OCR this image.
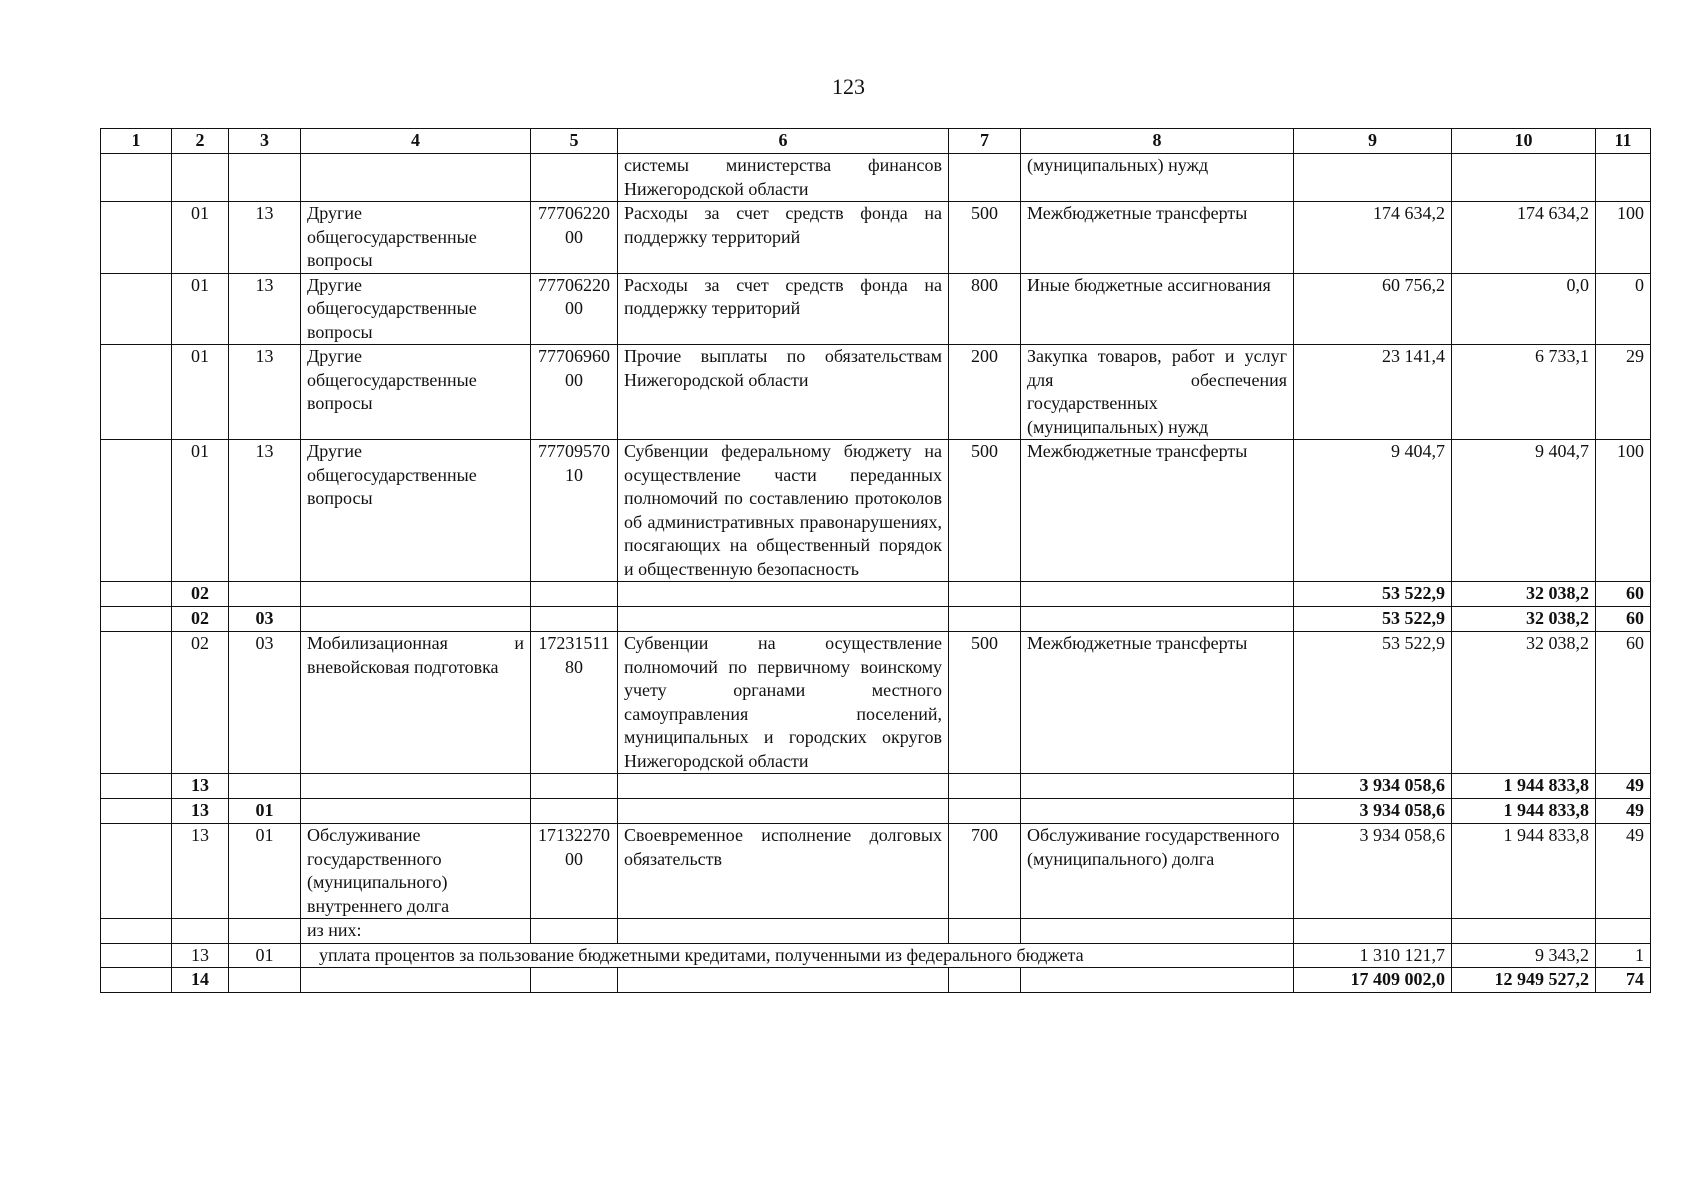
123
1	2	3	4	5	6	7	8	9	10	11
					системы министерства финансов Нижегородской области		(муниципальных) нужд			
	01	13	Другие общегосударственные вопросы	7770622000	Расходы за счет средств фонда на поддержку территорий	500	Межбюджетные трансферты	174 634,2	174 634,2	100
	01	13	Другие общегосударственные вопросы	7770622000	Расходы за счет средств фонда на поддержку территорий	800	Иные бюджетные ассигнования	60 756,2	0,0	0
	01	13	Другие общегосударственные вопросы	7770696000	Прочие выплаты по обязательствам Нижегородской области	200	Закупка товаров, работ и услуг для обеспечения государственных (муниципальных) нужд	23 141,4	6 733,1	29
	01	13	Другие общегосударственные вопросы	7770957010	Субвенции федеральному бюджету на осуществление части переданных полномочий по составлению протоколов об административных правонарушениях, посягающих на общественный порядок и общественную безопасность	500	Межбюджетные трансферты	9 404,7	9 404,7	100
	02							53 522,9	32 038,2	60
	02	03						53 522,9	32 038,2	60
	02	03	Мобилизационная и вневойсковая подготовка	1723151180	Субвенции на осуществление полномочий по первичному воинскому учету органами местного самоуправления поселений, муниципальных и городских округов Нижегородской области	500	Межбюджетные трансферты	53 522,9	32 038,2	60
	13							3 934 058,6	1 944 833,8	49
	13	01						3 934 058,6	1 944 833,8	49
	13	01	Обслуживание государственного (муниципального) внутреннего долга	1713227000	Своевременное исполнение долговых обязательств	700	Обслуживание государственного (муниципального) долга	3 934 058,6	1 944 833,8	49
			из них:							
	13	01	уплата процентов за пользование бюджетными кредитами, полученными из федерального бюджета					1 310 121,7	9 343,2	1
	14							17 409 002,0	12 949 527,2	74
